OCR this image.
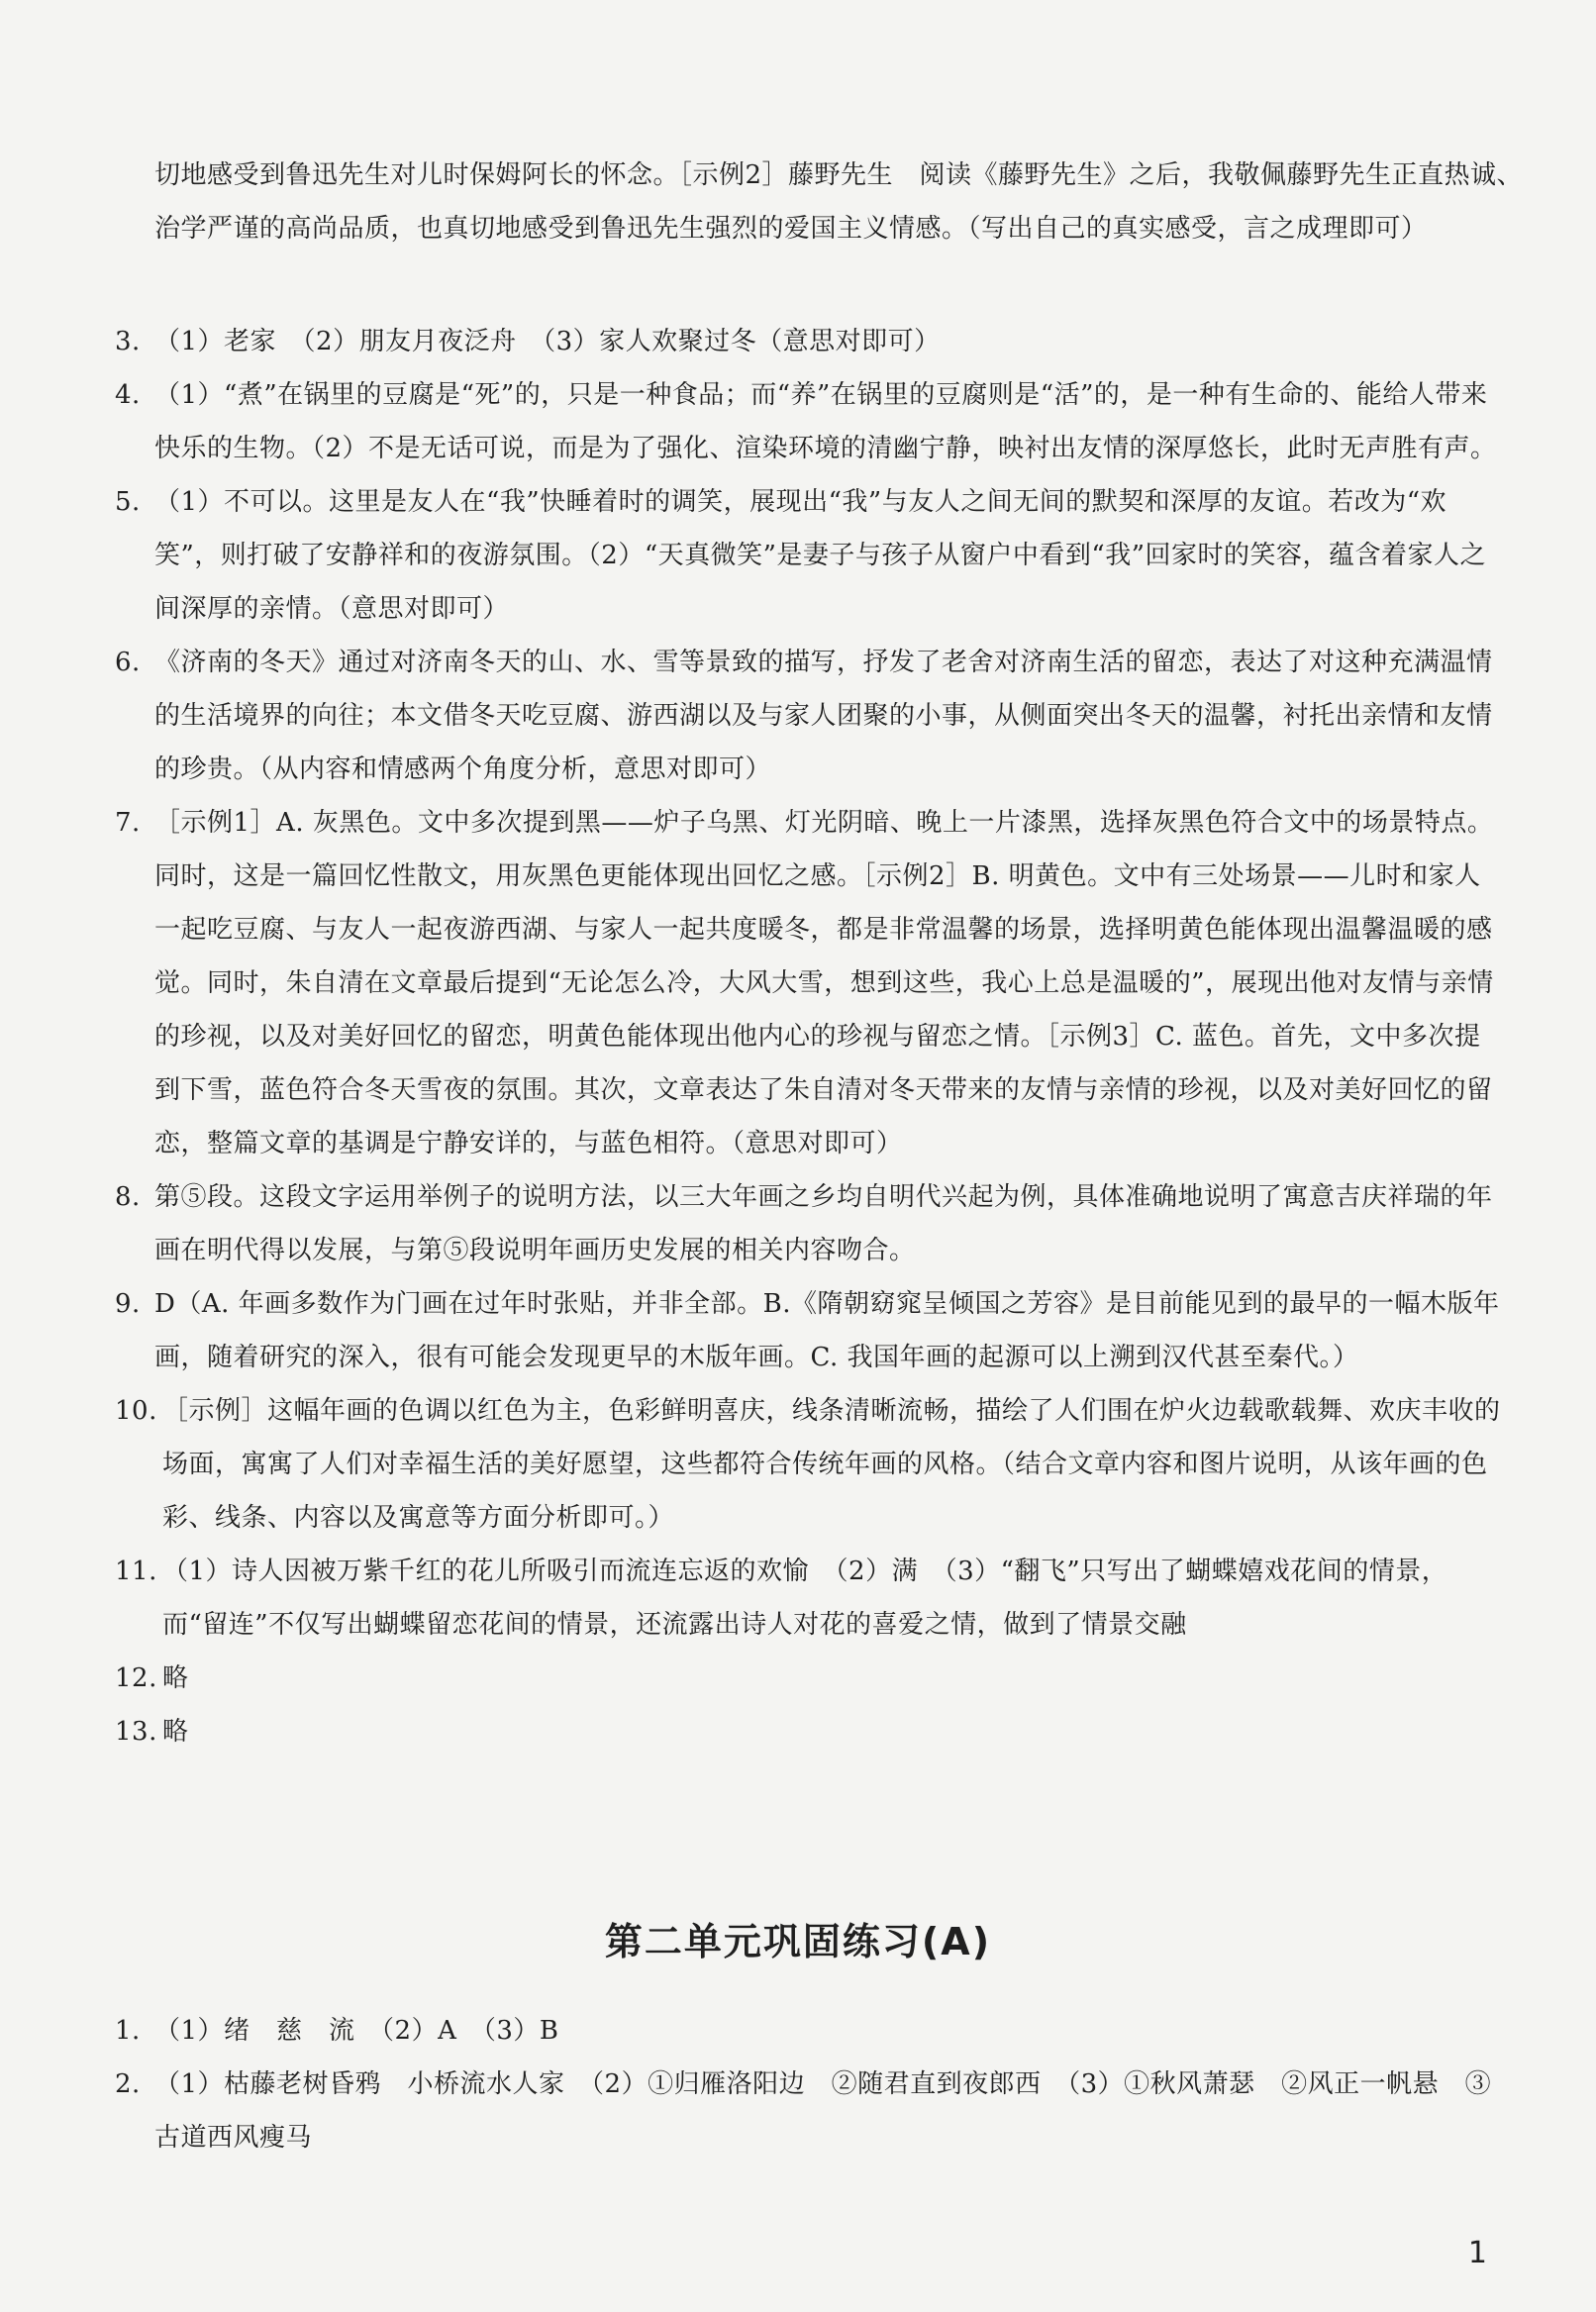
切地感受到鲁迅先生对儿时保姆阿长的怀念。［示例2］藤野先生　阅读《藤野先生》之后，我敬佩藤野先生正直热诚、治学严谨的高尚品质，也真切地感受到鲁迅先生强烈的爱国主义情感。（写出自己的真实感受，言之成理即可）

3. （1）老家　（2）朋友月夜泛舟　（3）家人欢聚过冬（意思对即可）

4. （1）“煮”在锅里的豆腐是“死”的，只是一种食品；而“养”在锅里的豆腐则是“活”的，是一种有生命的、能给人带来快乐的生物。（2）不是无话可说，而是为了强化、渲染环境的清幽宁静，映衬出友情的深厚悠长，此时无声胜有声。

5. （1）不可以。这里是友人在“我”快睡着时的调笑，展现出“我”与友人之间无间的默契和深厚的友谊。若改为“欢笑”，则打破了安静祥和的夜游氛围。（2）“天真微笑”是妻子与孩子从窗户中看到“我”回家时的笑容，蕴含着家人之间深厚的亲情。（意思对即可）

6. 《济南的冬天》通过对济南冬天的山、水、雪等景致的描写，抒发了老舍对济南生活的留恋，表达了对这种充满温情的生活境界的向往；本文借冬天吃豆腐、游西湖以及与家人团聚的小事，从侧面突出冬天的温馨，衬托出亲情和友情的珍贵。（从内容和情感两个角度分析，意思对即可）

7. ［示例1］A. 灰黑色。文中多次提到黑——炉子乌黑、灯光阴暗、晚上一片漆黑，选择灰黑色符合文中的场景特点。同时，这是一篇回忆性散文，用灰黑色更能体现出回忆之感。［示例2］B. 明黄色。文中有三处场景——儿时和家人一起吃豆腐、与友人一起夜游西湖、与家人一起共度暖冬，都是非常温馨的场景，选择明黄色能体现出温馨温暖的感觉。同时，朱自清在文章最后提到“无论怎么冷，大风大雪，想到这些，我心上总是温暖的”，展现出他对友情与亲情的珍视，以及对美好回忆的留恋，明黄色能体现出他内心的珍视与留恋之情。［示例3］C. 蓝色。首先，文中多次提到下雪，蓝色符合冬天雪夜的氛围。其次，文章表达了朱自清对冬天带来的友情与亲情的珍视，以及对美好回忆的留恋，整篇文章的基调是宁静安详的，与蓝色相符。（意思对即可）

8. 第⑤段。这段文字运用举例子的说明方法，以三大年画之乡均自明代兴起为例，具体准确地说明了寓意吉庆祥瑞的年画在明代得以发展，与第⑤段说明年画历史发展的相关内容吻合。

9. D（A. 年画多数作为门画在过年时张贴，并非全部。B.《隋朝窈窕呈倾国之芳容》是目前能见到的最早的一幅木版年画，随着研究的深入，很有可能会发现更早的木版年画。C. 我国年画的起源可以上溯到汉代甚至秦代。）

10. ［示例］这幅年画的色调以红色为主，色彩鲜明喜庆，线条清晰流畅，描绘了人们围在炉火边载歌载舞、欢庆丰收的场面，寓寓了人们对幸福生活的美好愿望，这些都符合传统年画的风格。（结合文章内容和图片说明，从该年画的色彩、线条、内容以及寓意等方面分析即可。）

11. （1）诗人因被万紫千红的花儿所吸引而流连忘返的欢愉　（2）满　（3）“翻飞”只写出了蝴蝶嬉戏花间的情景，而“留连”不仅写出蝴蝶留恋花间的情景，还流露出诗人对花的喜爱之情，做到了情景交融

12. 略

13. 略

第二单元巩固练习(A)

1. （1）绪　慈　流　（2）A　（3）B

2. （1）枯藤老树昏鸦　小桥流水人家　（2）①归雁洛阳边　②随君直到夜郎西　（3）①秋风萧瑟　②风正一帆悬　③古道西风瘦马

1
